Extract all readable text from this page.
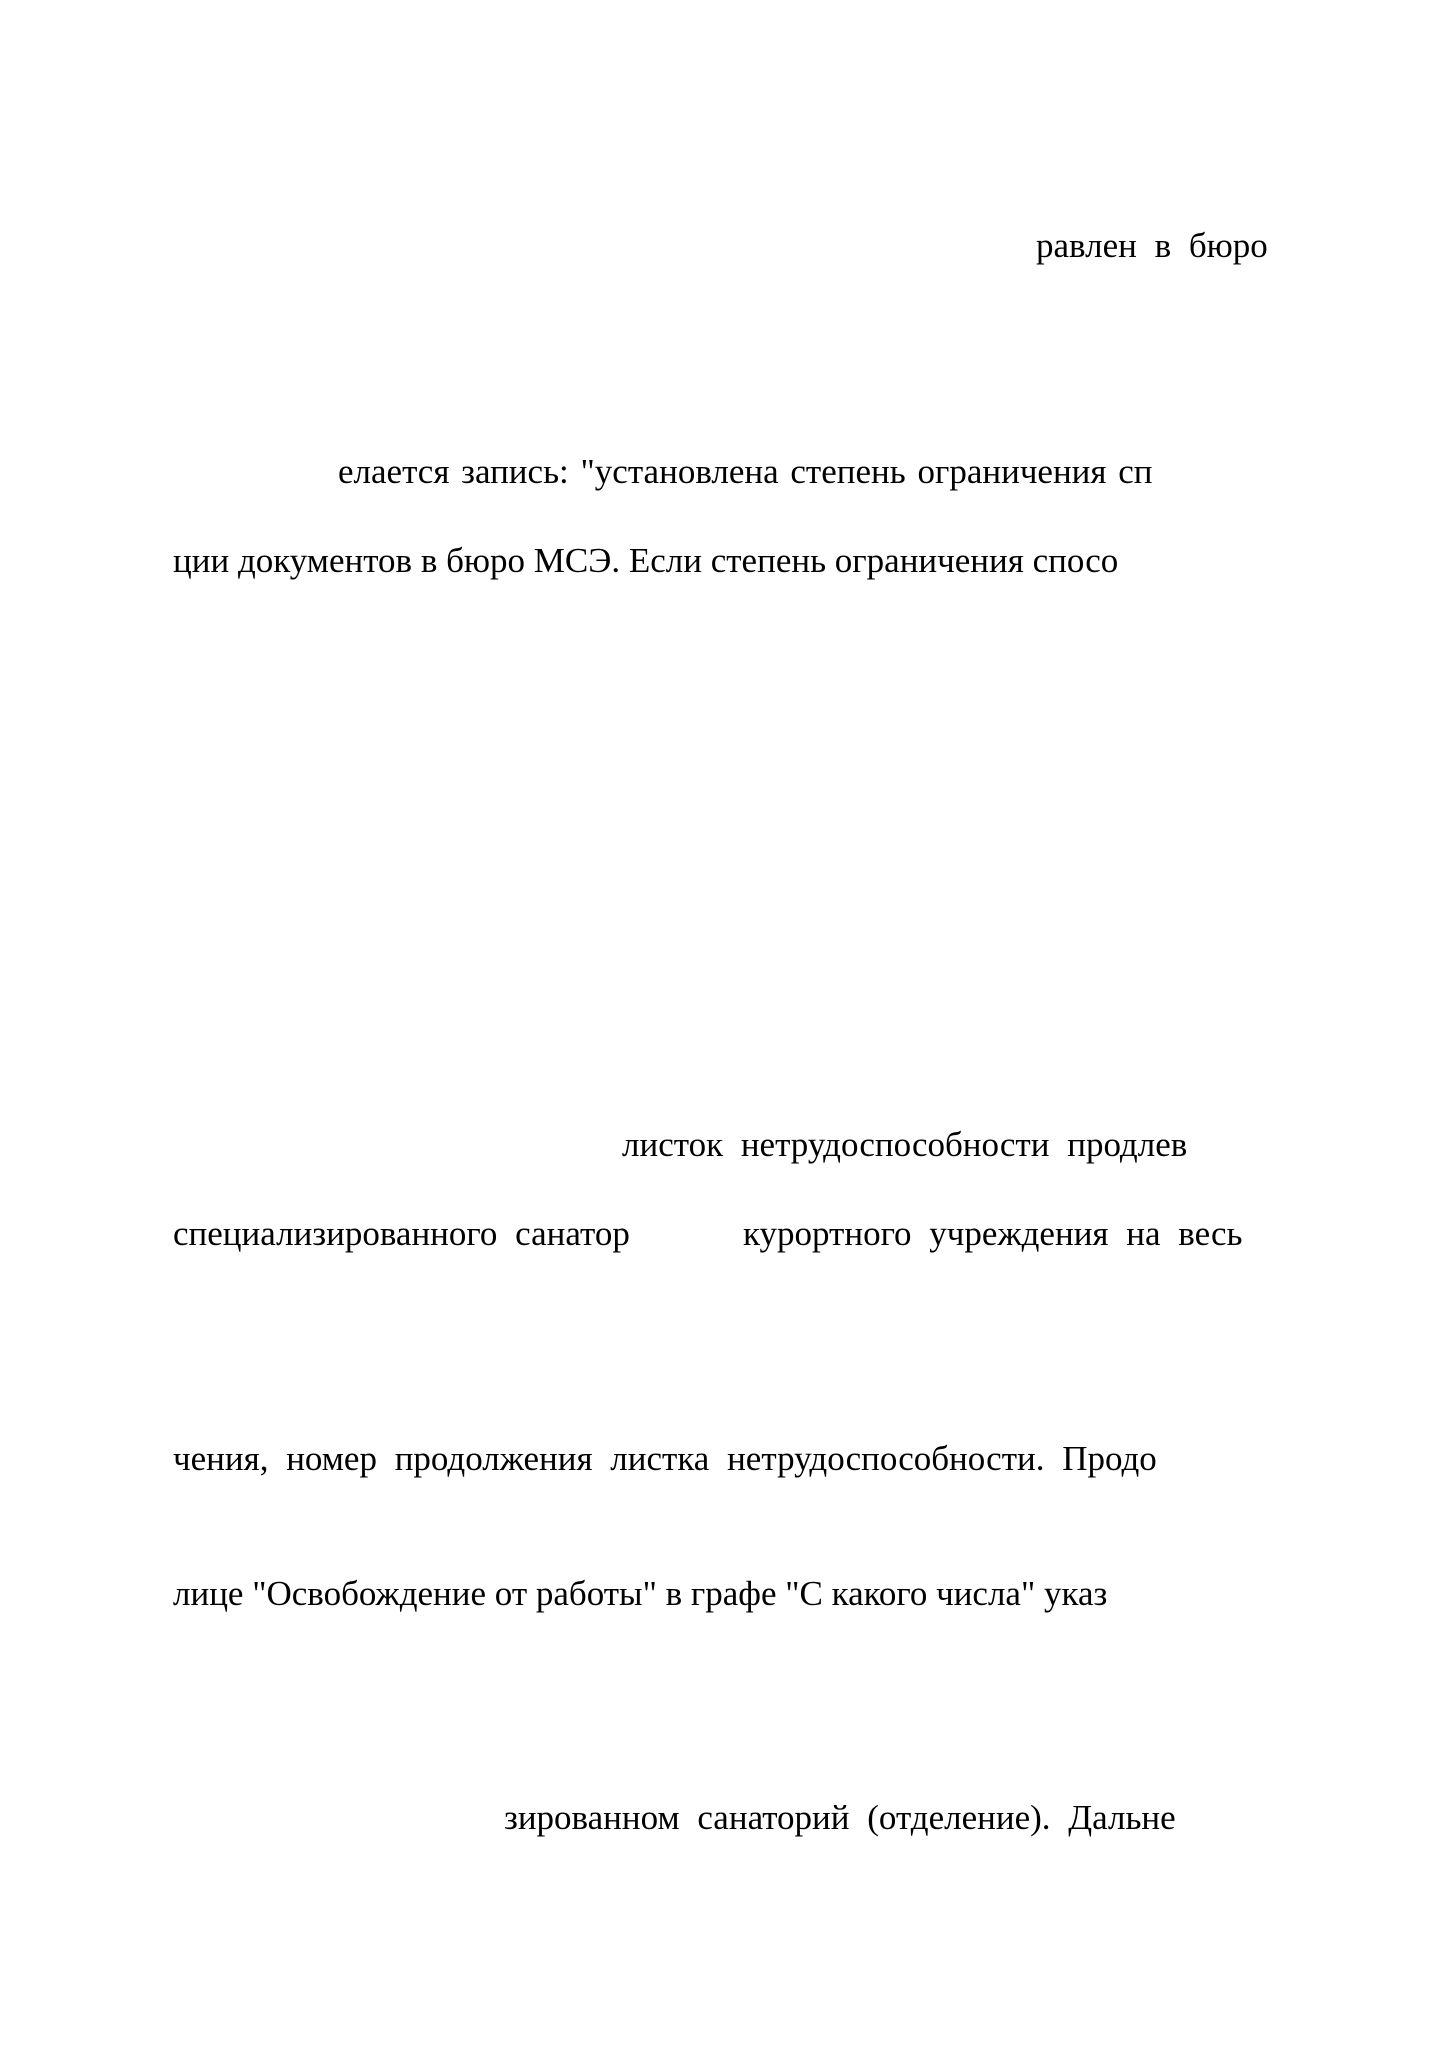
равлен в бюро

елается запись: "установлена степень ограничения сп

ции документов в бюро МСЭ. Если степень ограничения спосо

листок нетрудоспособности продлев

специализированного санатор	курортного учреждения на весь

чения, номер продолжения листка нетрудоспособности. Продо

лице "Освобождение от работы" в графе "С какого числа" указ

зированном санаторий (отделение). Дальне
